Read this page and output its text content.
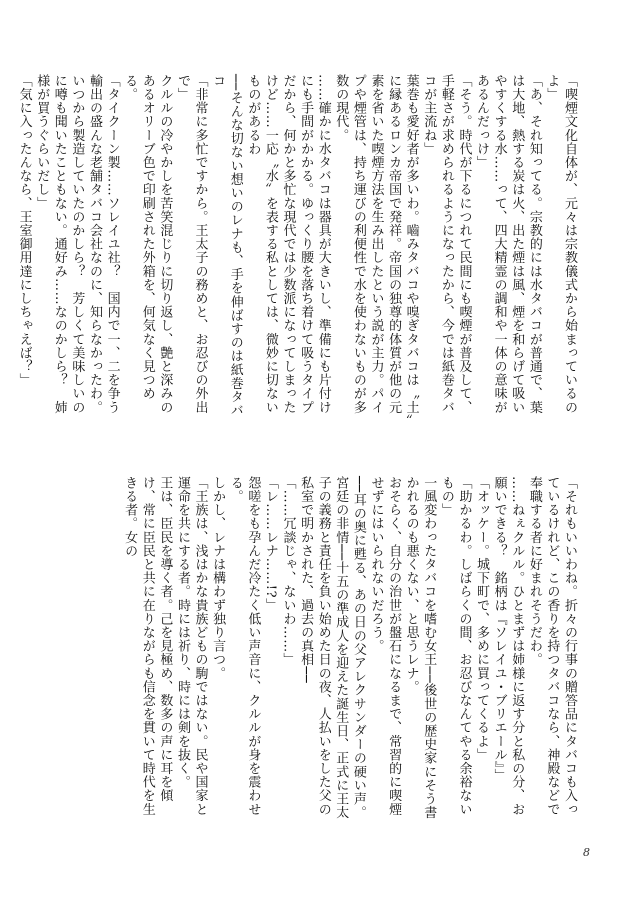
「喫煙文化自体が、元々は宗教儀式から始まっているのよ」

「あ、それ知ってる。宗教的には水タバコが普通で、葉は大地、熱する炭は火、出た煙は風、煙を和らげて吸いやすくする水……って、四大精霊の調和や一体の意味があるんだっけ」

「そう。時代が下るにつれて民間にも喫煙が普及して、手軽さが求められるようになったから、今では紙巻タバコが主流ね」

葉巻も愛好者が多いわ。嚙みタバコや嗅ぎタバコは〝土〟に縁あるロンカ帝国で発祥。帝国の独尊的体質が他の元素を省いた喫煙方法を生み出したという説が主力。パイプや煙管は、持ち運びの利便性で水を使わないものが多数の現代。

……確かに水タバコは器具が大きいし、準備にも片付けにも手間がかかる。ゆっくり腰を落ち着けて吸うタイプだから、何かと多忙な現代では少数派になってしまったけど……一応〝水〟を表する私としては、微妙に切ないものがあるわ

──そんな切ない想いのレナも、手を伸ばすのは紙巻タバコ

「非常に多忙ですから。王太子の務めと、お忍びの外出で」

クルルの冷やかしを苦笑混じりに切り返し、艶と深みのあるオリーブ色で印刷された外箱を、何気なく見つめる。

「タイクーン製……ソレイユ社？　国内で一、二を争う輸出の盛んな老舗タバコ会社なのに、知らなかったわ。いつから製造していたのかしら？　芳しくて美味しいのに噂も聞いたこともない。通好み……なのかしら？　姉様が買うぐらいだし」

「気に入ったんなら、王室御用達にしちゃえば？」

「それもいいわね。折々の行事の贈答品にタバコも入っているけれど、この香りを持つタバコなら、神殿などで奉職する者に好まれそうだわ。

……ねぇクルル。ひとまずは姉様に返す分と私の分、お願いできる？　銘柄は『ソレイユ・ブリエール』」

「オッケー。城下町で、多めに買ってくるよ」

「助かるわ。しばらくの間、お忍びなんてやる余裕ないもの」

一風変わったタバコを嗜む女王──後世の歴史家にそう書かれるのも悪くない、と思うレナ。

おそらく、自分の治世が盤石になるまで、常習的に喫煙せずにはいられないだろう。

──耳の奥に甦る、あの日の父アレクサンダーの硬い声。

宮廷の非情──十五の準成人を迎えた誕生日、正式に王太子の義務と責任を負い始めた日の夜、人払いをした父の私室で明かされた、過去の真相──

「……冗談じゃ、ないわ……」

「レ……レナ……!?」

怨嗟をも孕んだ冷たく低い声音に、クルルが身を震わせる。

しかし、レナは構わず独り言つ。

「王族は、浅はかな貴族どもの駒ではない。民や国家と運命を共にする者。時には祈り、時には剣を抜く。

王は、臣民を導く者。己を見極め、数多の声に耳を傾け、常に臣民と共に在りながらも信念を貫いて時代を生きる者。女の

8
